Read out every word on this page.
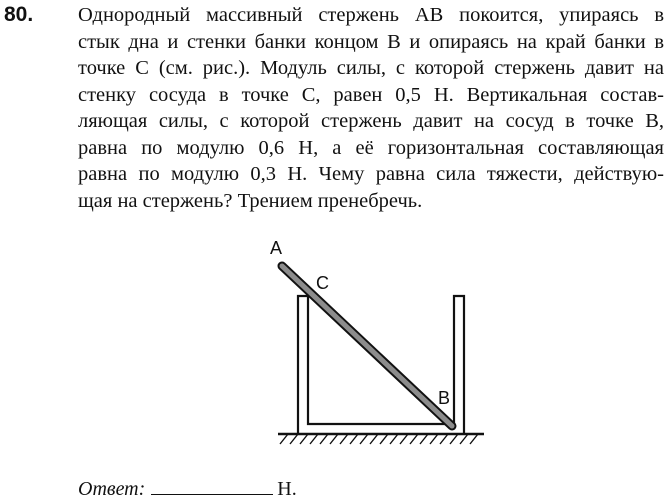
80. Однородный массивный стержень АВ покоится, упираясь в
стык дна и стенки банки концом В и опираясь на край банки в
точке С (см. рис.). Модуль силы, с которой стержень давит на
стенку сосуда в точке С, равен 0,5 Н. Вертикальная состав-
ляющая силы, с которой стержень давит на сосуд в точке В,
равна по модулю 0,6 Н, а её горизонтальная составляющая
равна по модулю 0,3 Н. Чему равна сила тяжести, действую-
щая на стержень? Трением пренебречь.
A
C
B
Ответ:	Н.
